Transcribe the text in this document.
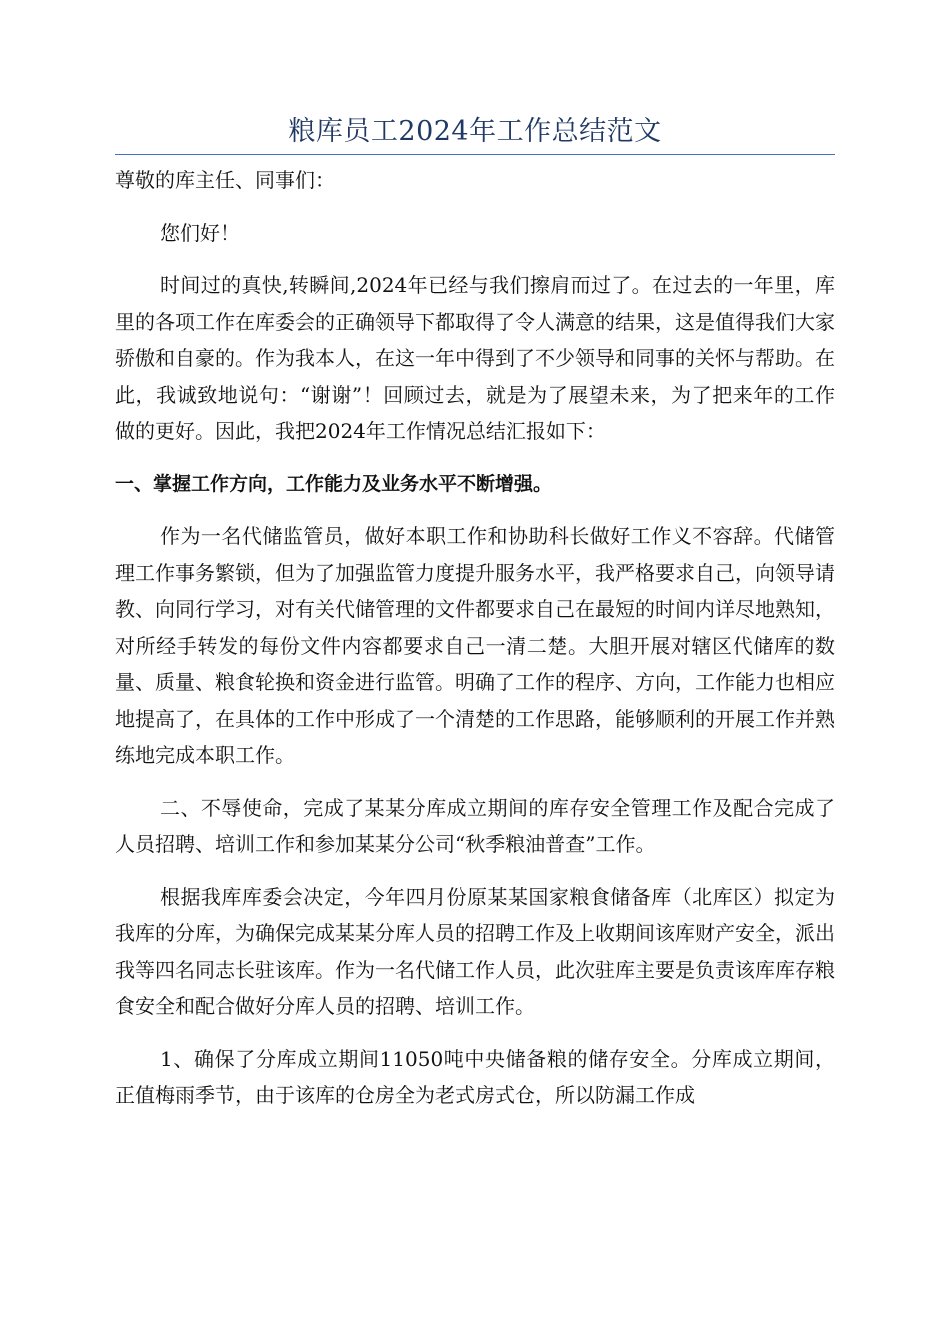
粮库员工2024年工作总结范文

尊敬的库主任、同事们：

您们好！

时间过的真快,转瞬间,2024年已经与我们擦肩而过了。在过去的一年里，库里的各项工作在库委会的正确领导下都取得了令人满意的结果，这是值得我们大家骄傲和自豪的。作为我本人，在这一年中得到了不少领导和同事的关怀与帮助。在此，我诚致地说句：“谢谢”！回顾过去，就是为了展望未来，为了把来年的工作做的更好。因此，我把2024年工作情况总结汇报如下：

一、掌握工作方向，工作能力及业务水平不断增强。

作为一名代储监管员，做好本职工作和协助科长做好工作义不容辞。代储管理工作事务繁锁，但为了加强监管力度提升服务水平，我严格要求自己，向领导请教、向同行学习，对有关代储管理的文件都要求自己在最短的时间内详尽地熟知，对所经手转发的每份文件内容都要求自己一清二楚。大胆开展对辖区代储库的数量、质量、粮食轮换和资金进行监管。明确了工作的程序、方向，工作能力也相应地提高了，在具体的工作中形成了一个清楚的工作思路，能够顺利的开展工作并熟练地完成本职工作。

二、不辱使命，完成了某某分库成立期间的库存安全管理工作及配合完成了人员招聘、培训工作和参加某某分公司“秋季粮油普查”工作。

根据我库库委会决定，今年四月份原某某国家粮食储备库（北库区）拟定为我库的分库，为确保完成某某分库人员的招聘工作及上收期间该库财产安全，派出我等四名同志长驻该库。作为一名代储工作人员，此次驻库主要是负责该库库存粮食安全和配合做好分库人员的招聘、培训工作。

1、确保了分库成立期间11050吨中央储备粮的储存安全。分库成立期间，正值梅雨季节，由于该库的仓房全为老式房式仓，所以防漏工作成
